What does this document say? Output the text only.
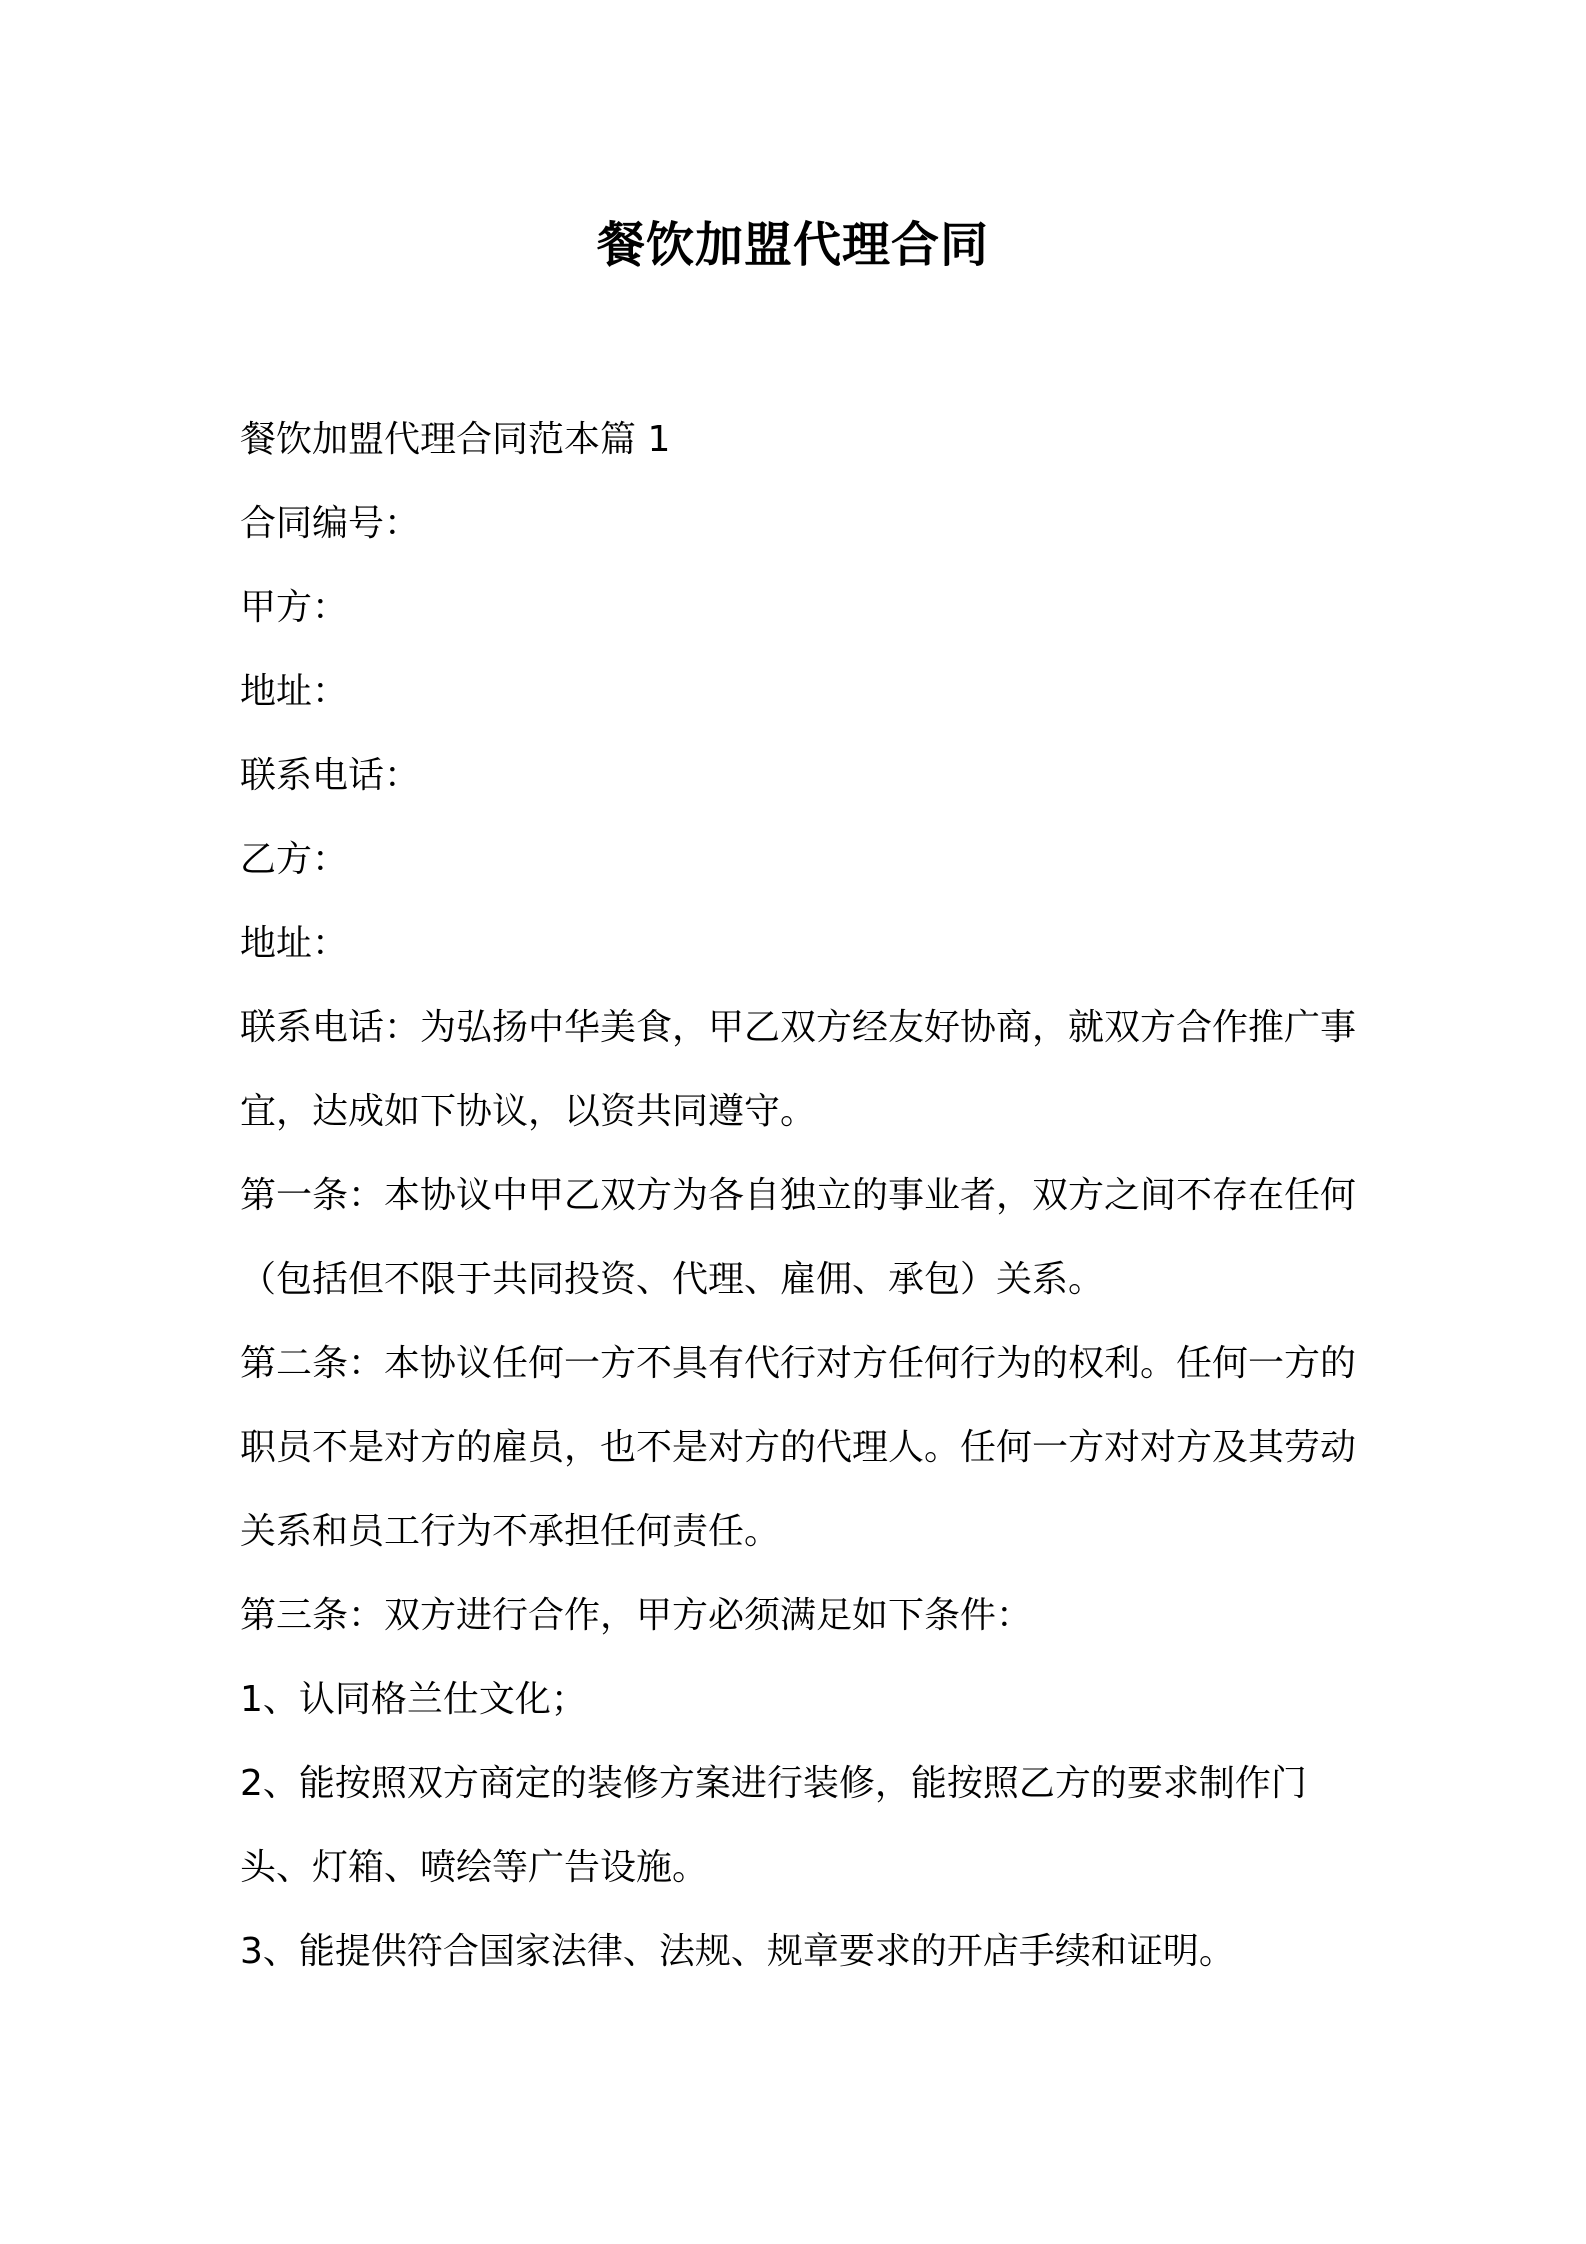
餐饮加盟代理合同

餐饮加盟代理合同范本篇 1

合同编号：

甲方：

地址：

联系电话：

乙方：

地址：

联系电话：为弘扬中华美食，甲乙双方经友好协商，就双方合作推广事宜，达成如下协议，以资共同遵守。

第一条：本协议中甲乙双方为各自独立的事业者，双方之间不存在任何（包括但不限于共同投资、代理、雇佣、承包）关系。

第二条：本协议任何一方不具有代行对方任何行为的权利。任何一方的职员不是对方的雇员，也不是对方的代理人。任何一方对对方及其劳动关系和员工行为不承担任何责任。

第三条：双方进行合作，甲方必须满足如下条件：

1、认同格兰仕文化；

2、能按照双方商定的装修方案进行装修，能按照乙方的要求制作门头、灯箱、喷绘等广告设施。

3、能提供符合国家法律、法规、规章要求的开店手续和证明。
